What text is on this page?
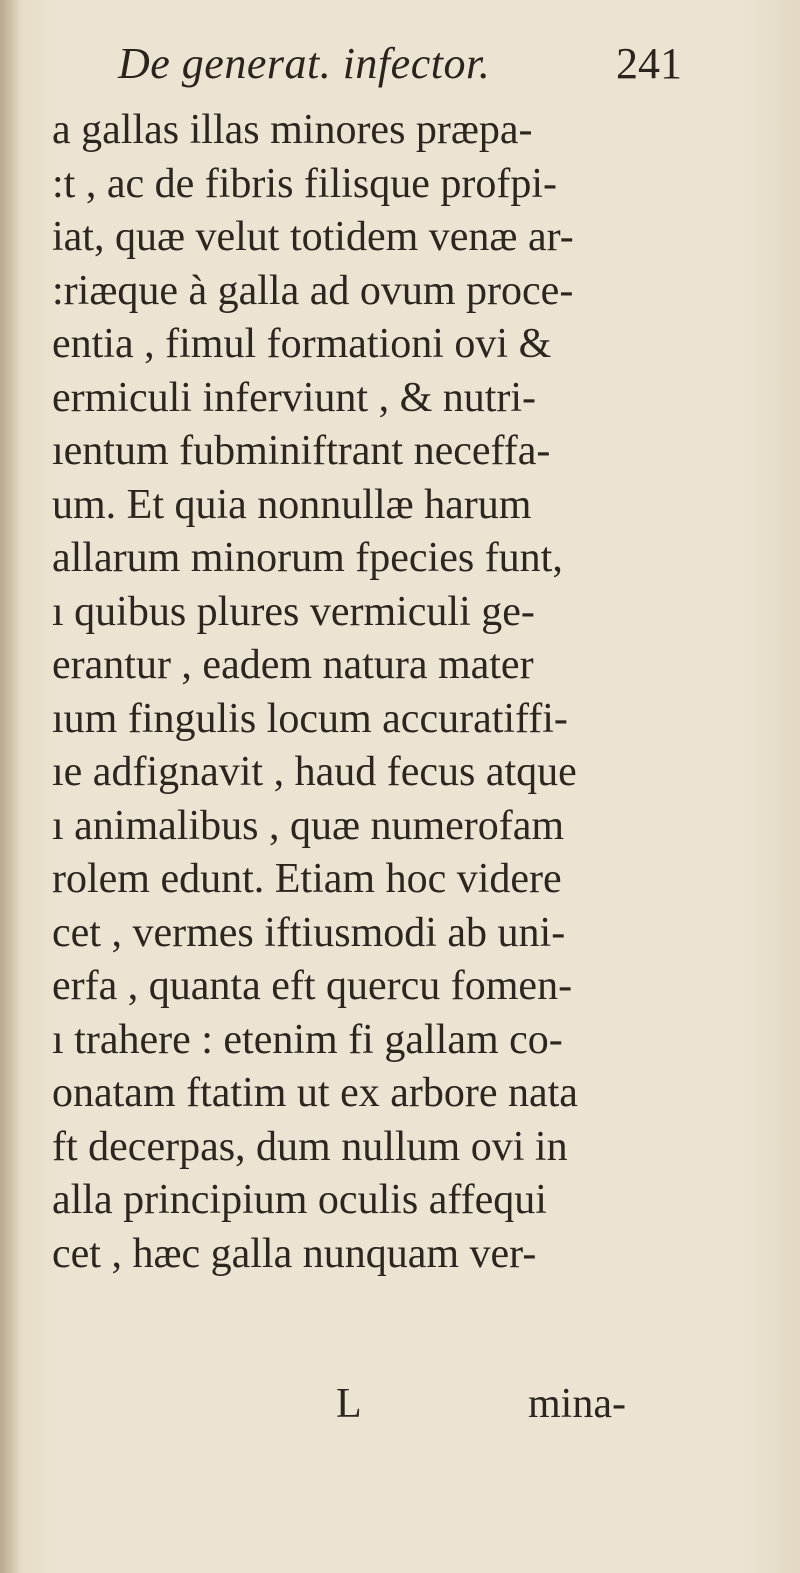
De generat. infector.	241
a gallas illas minores præpa-
:t , ac de fibris filisque profpi-
iat, quæ velut totidem venæ ar-
:riæque à galla ad ovum proce-
entia , fimul formationi ovi &
ermiculi inferviunt , & nutri-
ıentum fubminiftrant neceffa-
um. Et quia nonnullæ harum
allarum minorum fpecies funt,
ı quibus plures vermiculi ge-
erantur , eadem natura mater
ıum fingulis locum accuratiffi-
ıe adfignavit , haud fecus atque
ı animalibus , quæ numerofam
rolem edunt. Etiam hoc videre
cet , vermes iftiusmodi ab uni-
erfa , quanta eft quercu fomen-
ı trahere : etenim fi gallam co-
onatam ftatim ut ex arbore nata
ft decerpas, dum nullum ovi in
alla principium oculis affequi
cet , hæc galla nunquam ver-
L	mina-
